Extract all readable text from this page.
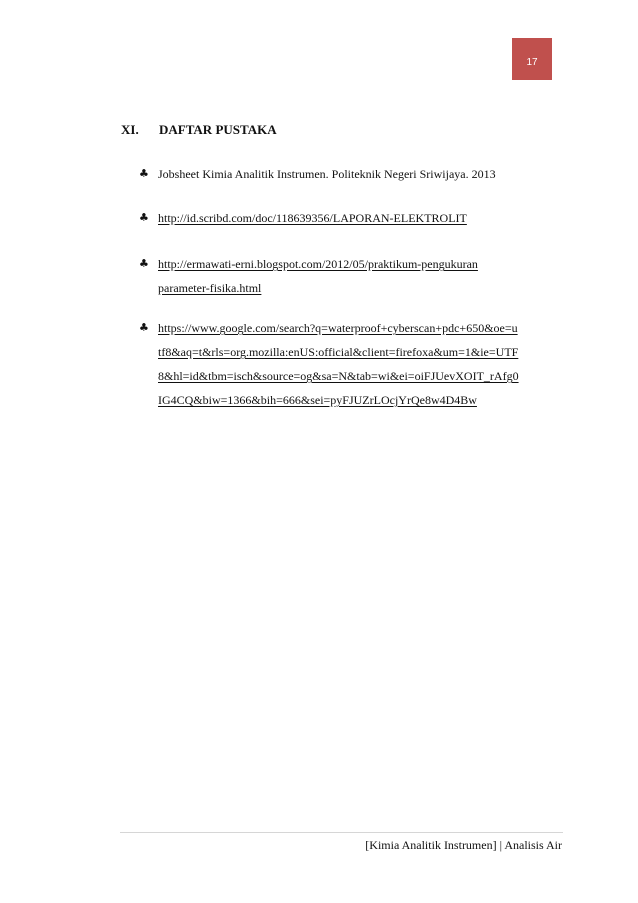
17
XI. DAFTAR PUSTAKA
♣ Jobsheet Kimia Analitik Instrumen. Politeknik Negeri Sriwijaya. 2013
♣ http://id.scribd.com/doc/118639356/LAPORAN-ELEKTROLIT
♣ http://ermawati-erni.blogspot.com/2012/05/praktikum-pengukuran
parameter-fisika.html
♣ https://www.google.com/search?q=waterproof+cyberscan+pdc+650&oe=u
tf8&aq=t&rls=org.mozilla:enUS:official&client=firefoxa&um=1&ie=UTF
8&hl=id&tbm=isch&source=og&sa=N&tab=wi&ei=oiFJUevXOIT_rAfg0
IG4CQ&biw=1366&bih=666&sei=pyFJUZrLOcjYrQe8w4D4Bw
[Kimia Analitik Instrumen] | Analisis Air
